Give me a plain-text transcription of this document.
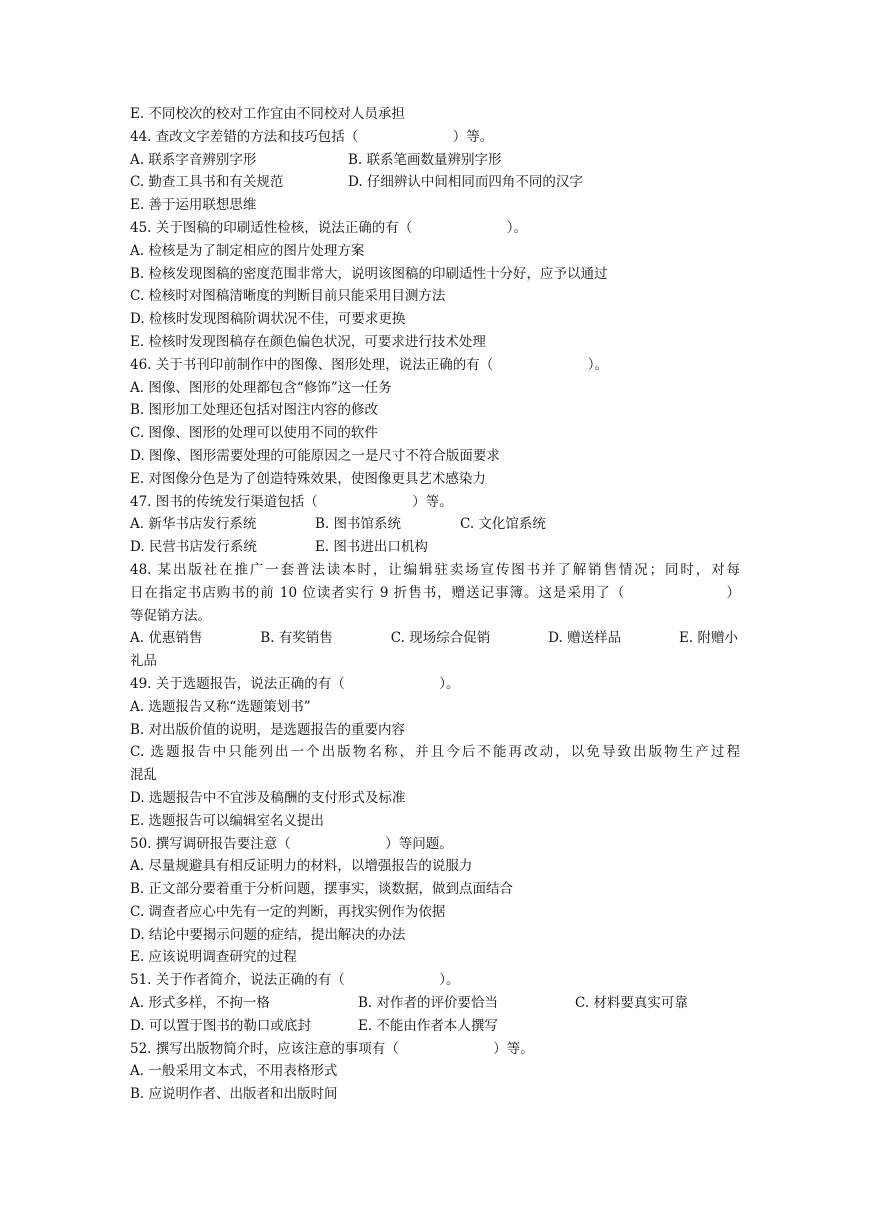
E. 不同校次的校对工作宜由不同校对人员承担
44. 查改文字差错的方法和技巧包括（　　　　　　　）等。
A. 联系字音辨别字形	B. 联系笔画数量辨别字形
C. 勤查工具书和有关规范	D. 仔细辨认中间相同而四角不同的汉字
E. 善于运用联想思维
45. 关于图稿的印刷适性检核，说法正确的有（　　　　　　　）。
A. 检核是为了制定相应的图片处理方案
B. 检核发现图稿的密度范围非常大，说明该图稿的印刷适性十分好，应予以通过
C. 检核时对图稿清晰度的判断目前只能采用目测方法
D. 检核时发现图稿阶调状况不佳，可要求更换
E. 检核时发现图稿存在颜色偏色状况，可要求进行技术处理
46. 关于书刊印前制作中的图像、图形处理，说法正确的有（　　　　　　　）。
A. 图像、图形的处理都包含“修饰”这一任务
B. 图形加工处理还包括对图注内容的修改
C. 图像、图形的处理可以使用不同的软件
D. 图像、图形需要处理的可能原因之一是尺寸不符合版面要求
E. 对图像分色是为了创造特殊效果，使图像更具艺术感染力
47. 图书的传统发行渠道包括（　　　　　　　）等。
A. 新华书店发行系统	B. 图书馆系统	C. 文化馆系统
D. 民营书店发行系统	E. 图书进出口机构
48. 某出版社在推广一套普法读本时，让编辑驻卖场宣传图书并了解销售情况；同时，对每
日在指定书店购书的前 10 位读者实行 9 折售书，赠送记事簿。这是采用了（　　　　　　　）
等促销方法。
A. 优惠销售	B. 有奖销售	C. 现场综合促销	D. 赠送样品	E. 附赠小
礼品
49. 关于选题报告，说法正确的有（　　　　　　　）。
A. 选题报告又称“选题策划书”
B. 对出版价值的说明，是选题报告的重要内容
C. 选题报告中只能列出一个出版物名称，并且今后不能再改动，以免导致出版物生产过程
混乱
D. 选题报告中不宜涉及稿酬的支付形式及标准
E. 选题报告可以编辑室名义提出
50. 撰写调研报告要注意（　　　　　　　）等问题。
A. 尽量规避具有相反证明力的材料，以增强报告的说服力
B. 正文部分要着重于分析问题，摆事实，谈数据，做到点面结合
C. 调查者应心中先有一定的判断，再找实例作为依据
D. 结论中要揭示问题的症结，提出解决的办法
E. 应该说明调查研究的过程
51. 关于作者简介，说法正确的有（　　　　　　　）。
A. 形式多样，不拘一格	B. 对作者的评价要恰当	C. 材料要真实可靠
D. 可以置于图书的勒口或底封	E. 不能由作者本人撰写
52. 撰写出版物简介时，应该注意的事项有（　　　　　　　）等。
A. 一般采用文本式，不用表格形式
B. 应说明作者、出版者和出版时间
